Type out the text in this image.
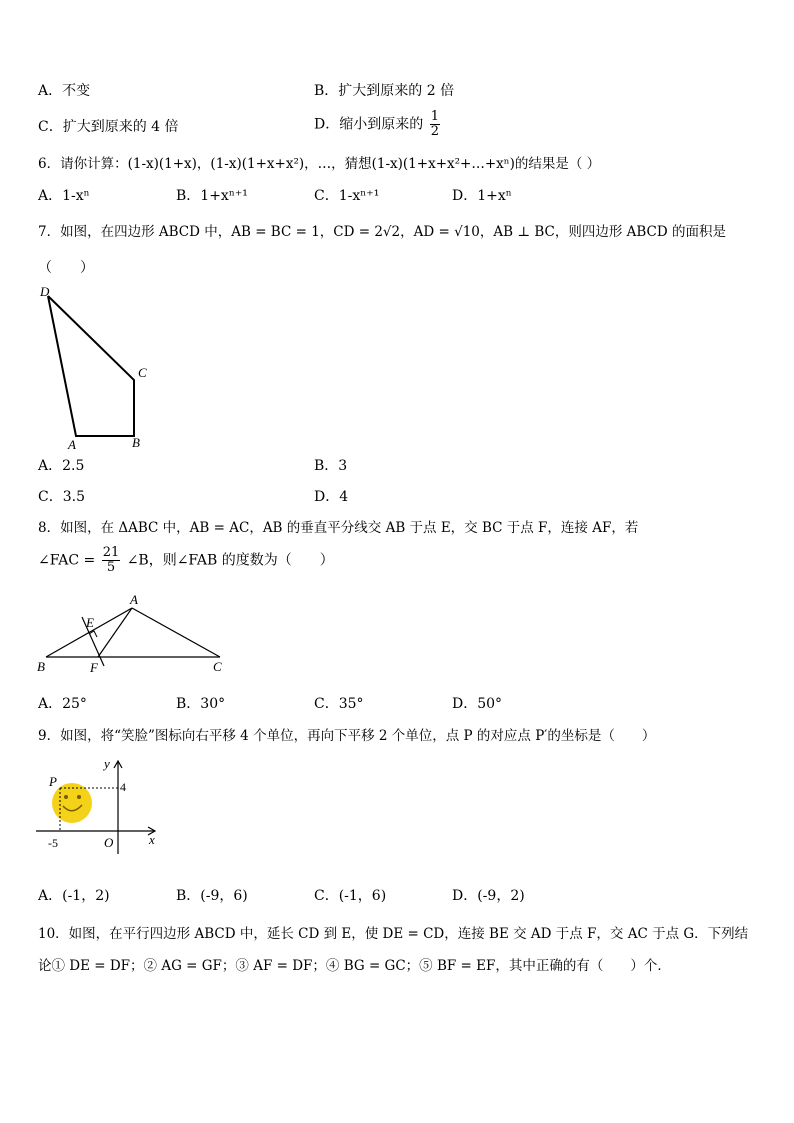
A．不变	B．扩大到原来的 2 倍
C．扩大到原来的 4 倍	D．缩小到原来的 $\frac{1}{2}$
6．请你计算：(1-x)(1+x)，(1-x)(1+x+x²)，…，猜想(1-x)(1+x+x²+…+xⁿ)的结果是（ ）
A．1-xⁿ	B．1+xⁿ⁺¹	C．1-xⁿ⁺¹	D．1+xⁿ
7．如图，在四边形 ABCD 中，AB = BC = 1，CD = 2√2，AD = √10，AB ⊥ BC，则四边形 ABCD 的面积是
（　　）
D
C
A	B
A．2.5	B．3
C．3.5	D．4
8．如图，在 ΔABC 中，AB = AC，AB 的垂直平分线交 AB 于点 E，交 BC 于点 F，连接 AF，若
∠FAC = $\frac{21}{5}$ ∠B，则∠FAB 的度数为（　　）
A
E
B	F	C
A．25°	B．30°	C．35°	D．50°
9．如图，将“笑脸”图标向右平移 4 个单位，再向下平移 2 个单位，点 P 的对应点 P′的坐标是（　　）
P
y
4
-5	O	x
A．(-1，2)	B．(-9，6)	C．(-1，6)	D．(-9，2)
10．如图，在平行四边形 ABCD 中，延长 CD 到 E，使 DE = CD，连接 BE 交 AD 于点 F，交 AC 于点 G．下列结
论① DE = DF；② AG = GF；③ AF = DF；④ BG = GC；⑤ BF = EF，其中正确的有（　　）个．
